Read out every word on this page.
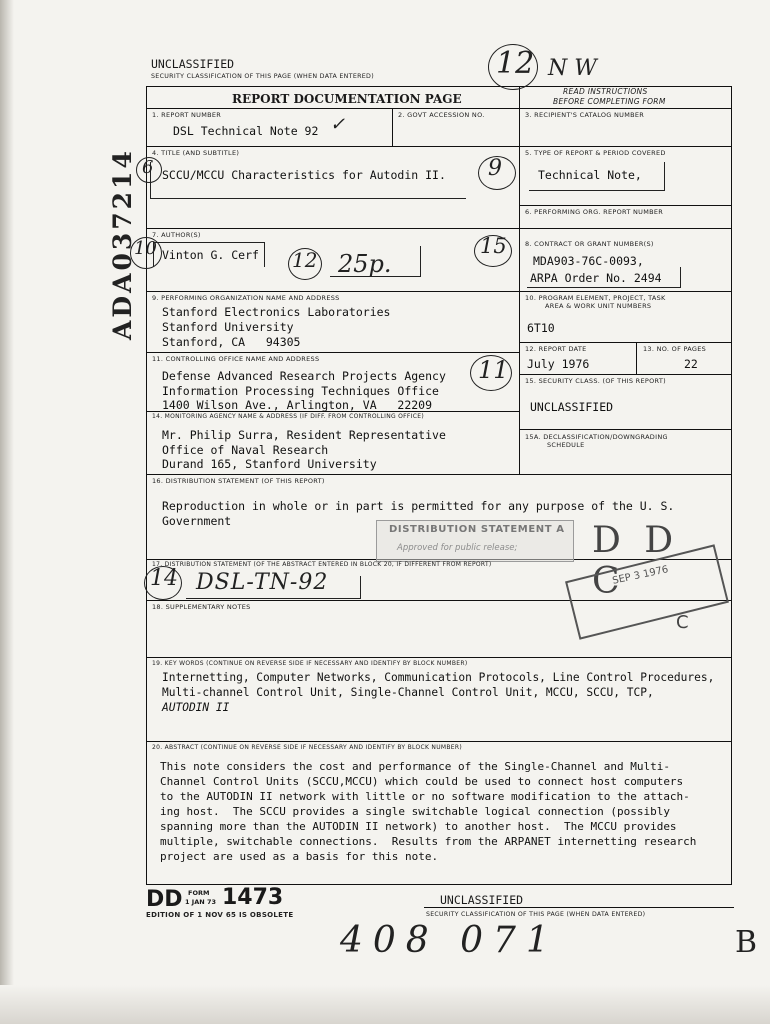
UNCLASSIFIED
SECURITY CLASSIFICATION OF THIS PAGE (WHEN DATA ENTERED)
ADA037214
REPORT DOCUMENTATION PAGE
READ INSTRUCTIONS
BEFORE COMPLETING FORM
1. REPORT NUMBER
DSL Technical Note 92 ✓	2. GOVT ACCESSION NO.	3. RECIPIENT'S CATALOG NUMBER
4. TITLE (AND SUBTITLE)
SCCU/MCCU Characteristics for Autodin II.
5. TYPE OF REPORT & PERIOD COVERED
Technical Note,
6. PERFORMING ORG. REPORT NUMBER
7. AUTHOR(S)
Vinton G. Cerf
8. CONTRACT OR GRANT NUMBER(S)
MDA903-76C-0093,
ARPA Order No. 2494
9. PERFORMING ORGANIZATION NAME AND ADDRESS
Stanford Electronics Laboratories
Stanford University
Stanford, CA   94305
10. PROGRAM ELEMENT, PROJECT, TASK
AREA & WORK UNIT NUMBERS
6T10
11. CONTROLLING OFFICE NAME AND ADDRESS
Defense Advanced Research Projects Agency
Information Processing Techniques Office
1400 Wilson Ave., Arlington, VA   22209
12. REPORT DATE
July 1976
13. NO. OF PAGES
22
14. MONITORING AGENCY NAME & ADDRESS (IF DIFF. FROM CONTROLLING OFFICE)
Mr. Philip Surra, Resident Representative
Office of Naval Research
Durand 165, Stanford University
15. SECURITY CLASS. (OF THIS REPORT)
UNCLASSIFIED
15A. DECLASSIFICATION/DOWNGRADING
SCHEDULE
16. DISTRIBUTION STATEMENT (OF THIS REPORT)
Reproduction in whole or in part is permitted for any purpose of the U. S.
Government
DISTRIBUTION STATEMENT A
Approved for public release;
17. DISTRIBUTION STATEMENT (OF THE ABSTRACT ENTERED IN BLOCK 20, IF DIFFERENT FROM REPORT)
DSL-TN-92
D D C
SEP 3 1976
C
18. SUPPLEMENTARY NOTES
19. KEY WORDS (CONTINUE ON REVERSE SIDE IF NECESSARY AND IDENTIFY BY BLOCK NUMBER)
Internetting, Computer Networks, Communication Protocols, Line Control Procedures,
Multi-channel Control Unit, Single-Channel Control Unit, MCCU, SCCU, TCP,
AUTODIN II
20. ABSTRACT (CONTINUE ON REVERSE SIDE IF NECESSARY AND IDENTIFY BY BLOCK NUMBER)
This note considers the cost and performance of the Single-Channel and Multi-
Channel Control Units (SCCU,MCCU) which could be used to connect host computers
to the AUTODIN II network with little or no software modification to the attach-
ing host.  The SCCU provides a single switchable logical connection (possibly
spanning more than the AUTODIN II network) to another host.  The MCCU provides
multiple, switchable connections.  Results from the ARPANET internetting research
project are used as a basis for this note.
12 N W
6	9
10	12 25p.
15
11
14
DD FORM
1 JAN 73 1473
EDITION OF 1 NOV 65 IS OBSOLETE
UNCLASSIFIED
SECURITY CLASSIFICATION OF THIS PAGE (WHEN DATA ENTERED)
408 071	B
